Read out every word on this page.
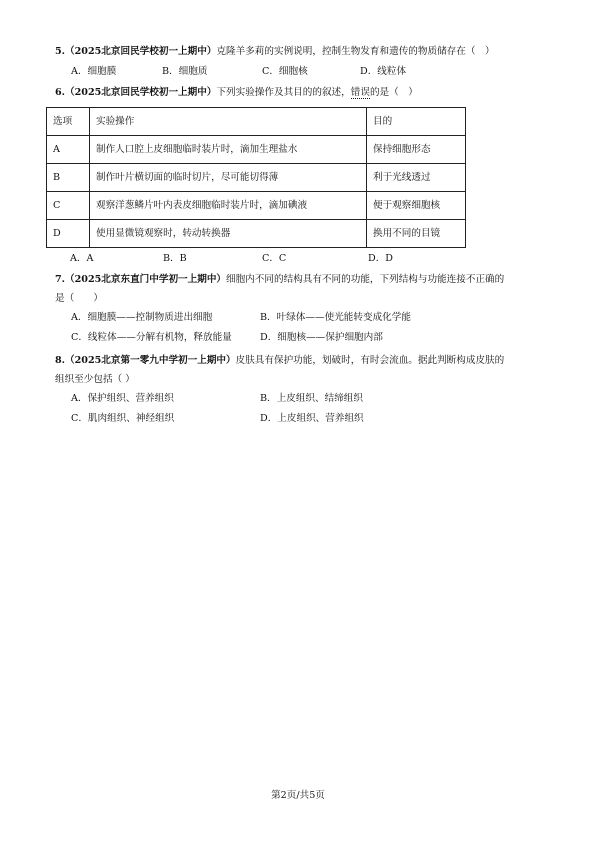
5.（2025北京回民学校初一上期中）克隆羊多莉的实例说明，控制生物发育和遗传的物质储存在（　）
A．细胞膜	B．细胞质	C．细胞核	D．线粒体
6.（2025北京回民学校初一上期中）下列实验操作及其目的的叙述，错误的是（　）
选项	实验操作	目的
A	制作人口腔上皮细胞临时装片时，滴加生理盐水	保持细胞形态
B	制作叶片横切面的临时切片，尽可能切得薄	利于光线透过
C	观察洋葱鳞片叶内表皮细胞临时装片时，滴加碘液	便于观察细胞核
D	使用显微镜观察时，转动转换器	换用不同的目镜
A．A	B．B	C．C	D．D
7.（2025北京东直门中学初一上期中）细胞内不同的结构具有不同的功能，下列结构与功能连接不正确的
是（　　）
A．细胞膜——控制物质进出细胞	B．叶绿体——使光能转变成化学能
C．线粒体——分解有机物，释放能量	D．细胞核——保护细胞内部
8.（2025北京第一零九中学初一上期中）皮肤具有保护功能，划破时，有时会流血。据此判断构成皮肤的
组织至少包括（ ）
A．保护组织、营养组织	B．上皮组织、结缔组织
C．肌肉组织、神经组织	D．上皮组织、营养组织
第2页/共5页
